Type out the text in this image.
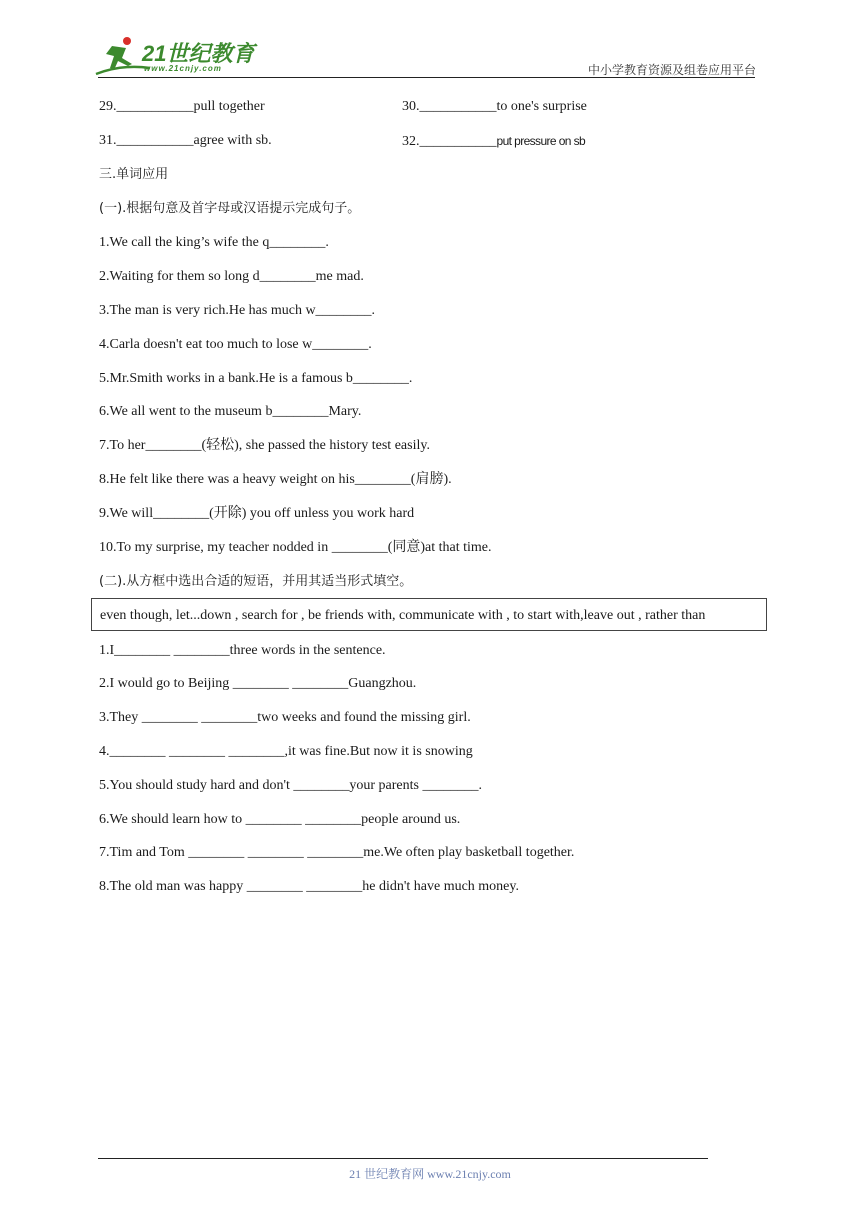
21世纪教育
www.21cnjy.com	中小学教育资源及组卷应用平台
29.___________pull together	30.___________to one's surprise
31.___________agree with sb.	32.___________put pressure on sb
三.单词应用
(一).根据句意及首字母或汉语提示完成句子。
1.We call the king’s wife the q________.
2.Waiting for them so long d________me mad.
3.The man is very rich.He has much w________.
4.Carla doesn't eat too much to lose w________.
5.Mr.Smith works in a bank.He is a famous b________.
6.We all went to the museum b________Mary.
7.To her________(轻松), she passed the history test easily.
8.He felt like there was a heavy weight on his________(肩膀).
9.We will________(开除) you off unless you work hard
10.To my surprise, my teacher nodded in ________(同意)at that time.
(二).从方框中选出合适的短语，并用其适当形式填空。
even though, let...down , search for , be friends with, communicate with , to start with,leave out , rather than
1.I________ ________three words in the sentence.
2.I would go to Beijing ________ ________Guangzhou.
3.They ________ ________two weeks and found the missing girl.
4.________ ________ ________,it was fine.But now it is snowing
5.You should study hard and don't ________your parents ________.
6.We should learn how to ________ ________people around us.
7.Tim and Tom ________ ________ ________me.We often play basketball together.
8.The old man was happy ________ ________he didn't have much money.
21 世纪教育网 www.21cnjy.com
